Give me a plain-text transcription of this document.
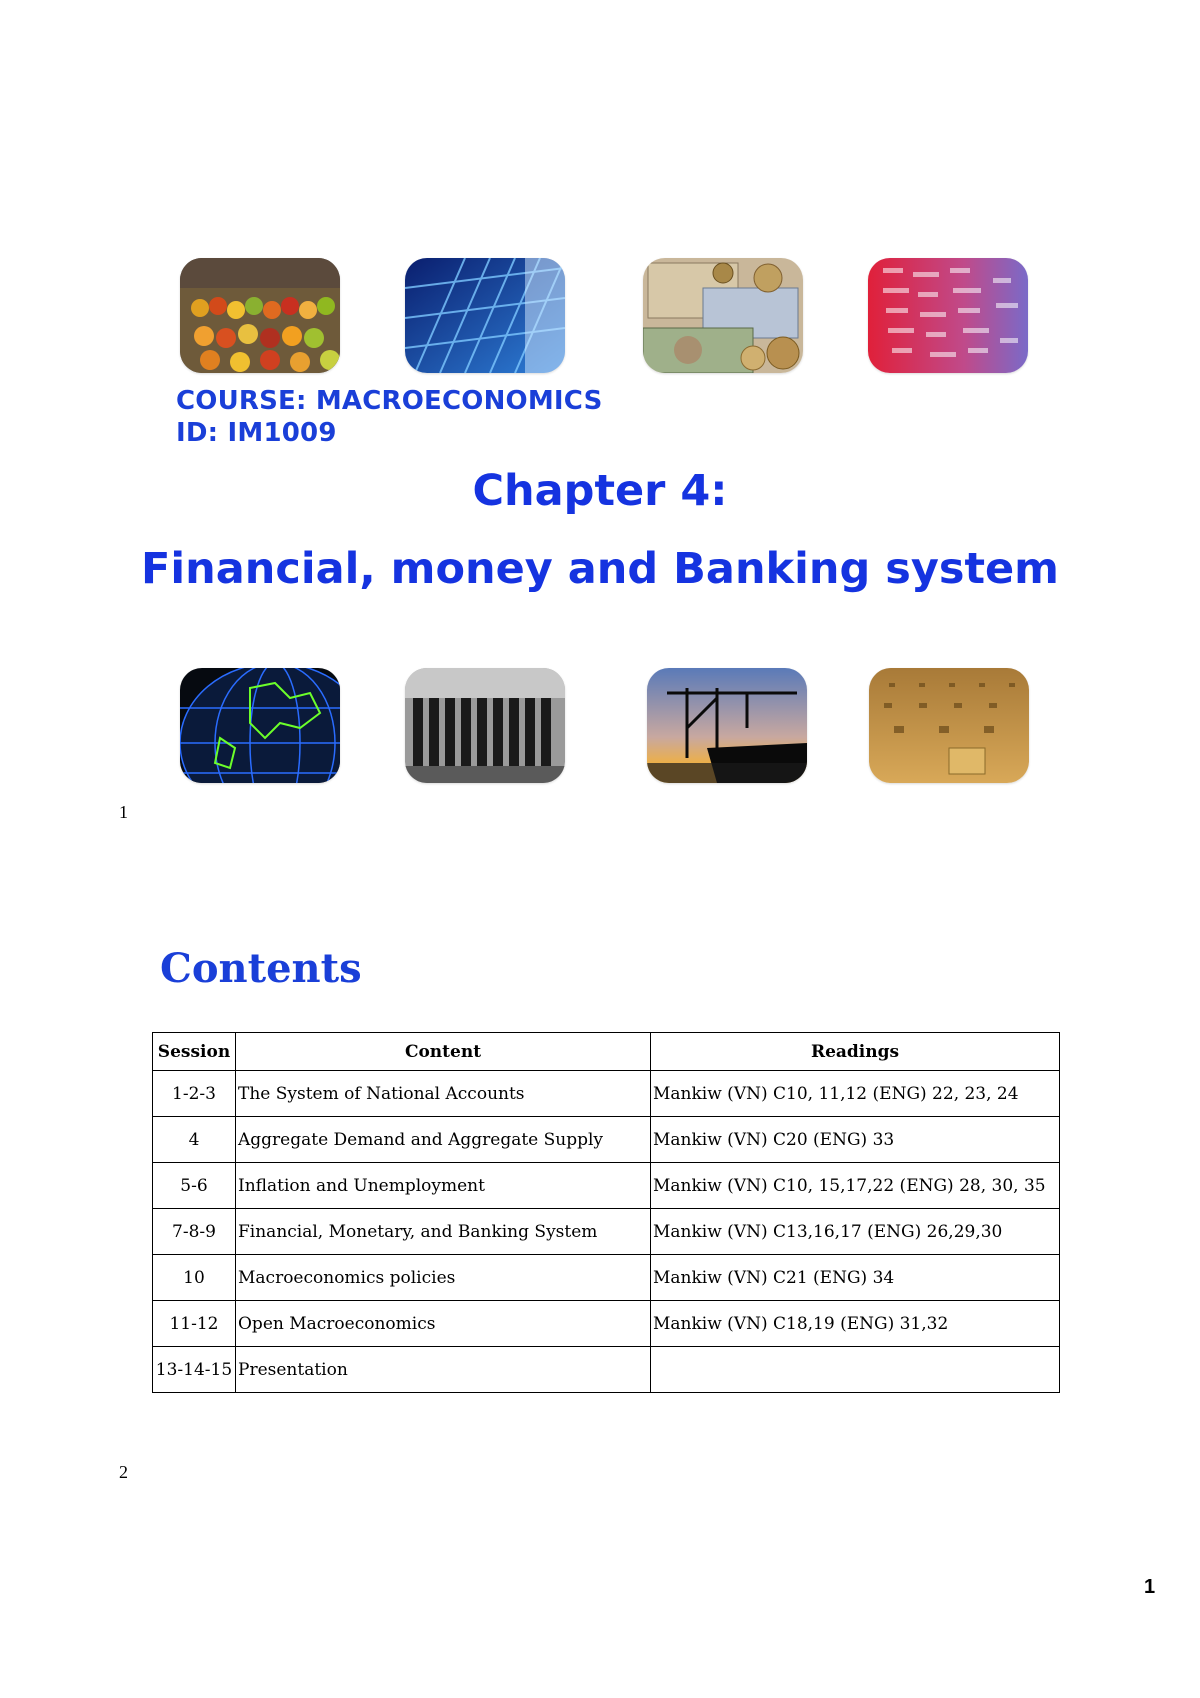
COURSE: MACROECONOMICS

ID: IM1009

Chapter 4:

Financial, money and Banking system

1
Contents
Session	Content	Readings
1-2-3	The System of National Accounts	Mankiw (VN) C10, 11,12 (ENG) 22, 23, 24
4	Aggregate Demand and Aggregate Supply	Mankiw (VN) C20 (ENG) 33
5-6	Inflation and Unemployment	Mankiw (VN) C10, 15,17,22 (ENG) 28, 30, 35
7-8-9	Financial, Monetary, and Banking System	Mankiw (VN) C13,16,17 (ENG) 26,29,30
10	Macroeconomics policies	Mankiw (VN) C21 (ENG) 34
11-12	Open Macroeconomics	Mankiw (VN) C18,19 (ENG) 31,32
13-14-15	Presentation	
2
1
